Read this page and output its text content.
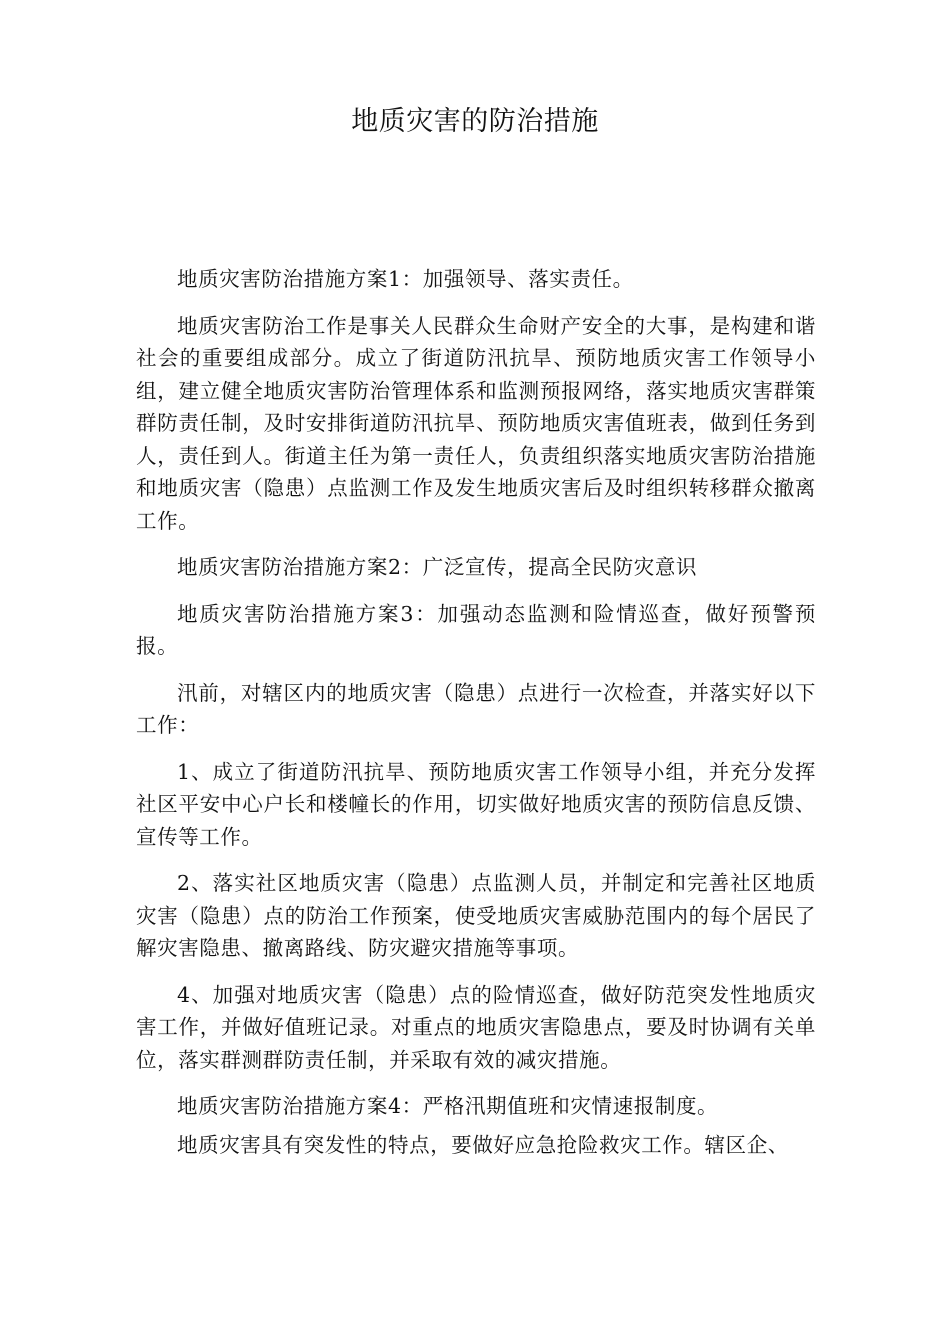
地质灾害的防治措施

地质灾害防治措施方案1：加强领导、落实责任。

地质灾害防治工作是事关人民群众生命财产安全的大事，是构建和谐社会的重要组成部分。成立了街道防汛抗旱、预防地质灾害工作领导小组，建立健全地质灾害防治管理体系和监测预报网络，落实地质灾害群策群防责任制，及时安排街道防汛抗旱、预防地质灾害值班表，做到任务到人，责任到人。街道主任为第一责任人，负责组织落实地质灾害防治措施和地质灾害（隐患）点监测工作及发生地质灾害后及时组织转移群众撤离工作。

地质灾害防治措施方案2：广泛宣传，提高全民防灾意识

地质灾害防治措施方案3：加强动态监测和险情巡查，做好预警预报。

汛前，对辖区内的地质灾害（隐患）点进行一次检查，并落实好以下工作：

1、成立了街道防汛抗旱、预防地质灾害工作领导小组，并充分发挥社区平安中心户长和楼幢长的作用，切实做好地质灾害的预防信息反馈、宣传等工作。

2、落实社区地质灾害（隐患）点监测人员，并制定和完善社区地质灾害（隐患）点的防治工作预案，使受地质灾害威胁范围内的每个居民了解灾害隐患、撤离路线、防灾避灾措施等事项。

4、加强对地质灾害（隐患）点的险情巡查，做好防范突发性地质灾害工作，并做好值班记录。对重点的地质灾害隐患点，要及时协调有关单位，落实群测群防责任制，并采取有效的减灾措施。

地质灾害防治措施方案4：严格汛期值班和灾情速报制度。

地质灾害具有突发性的特点，要做好应急抢险救灾工作。辖区企、
